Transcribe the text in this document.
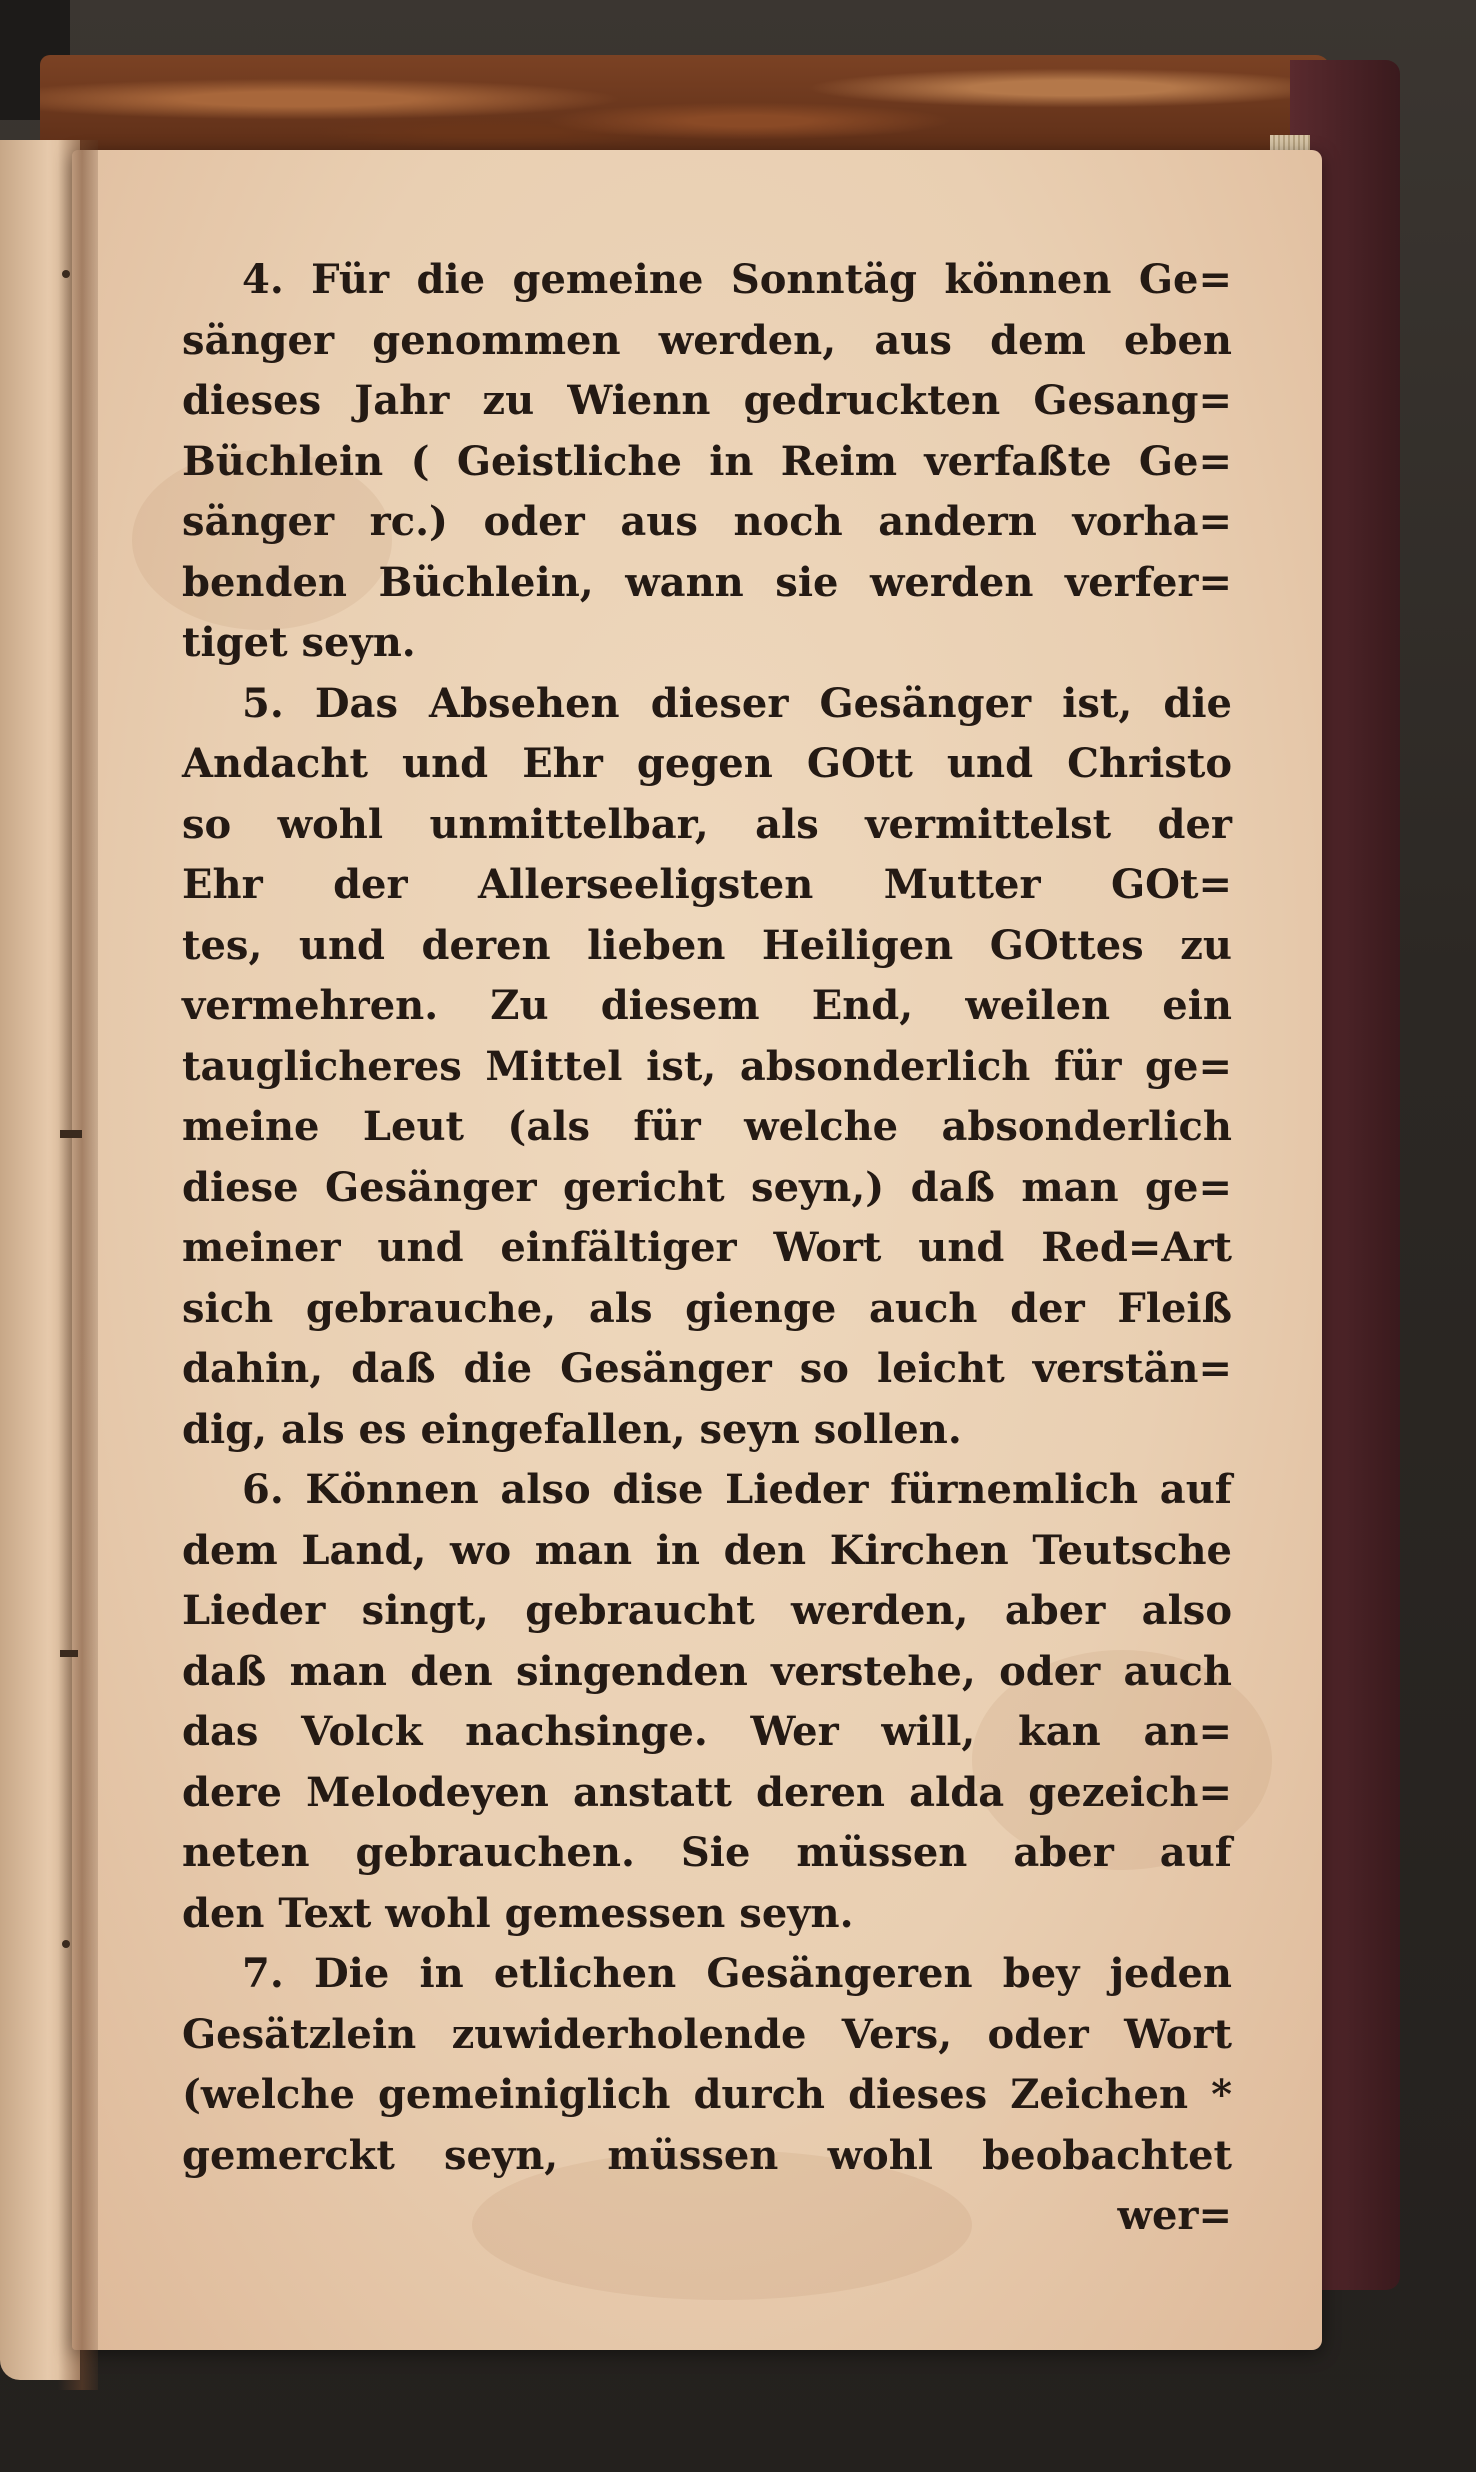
4. Für die gemeine Sonntäg können Ge=
sänger genommen werden, aus dem eben
dieses Jahr zu Wienn gedruckten Gesang=
Büchlein ( Geistliche in Reim verfaßte Ge=
sänger rc.) oder aus noch andern vorha=
benden Büchlein, wann sie werden verfer=
tiget seyn.
5. Das Absehen dieser Gesänger ist, die
Andacht und Ehr gegen GOtt und Christo
so wohl unmittelbar, als vermittelst der
Ehr der Allerseeligsten Mutter GOt=
tes, und deren lieben Heiligen GOttes zu
vermehren. Zu diesem End, weilen ein
tauglicheres Mittel ist, absonderlich für ge=
meine Leut (als für welche absonderlich
diese Gesänger gericht seyn,) daß man ge=
meiner und einfältiger Wort und Red=Art
sich gebrauche, als gienge auch der Fleiß
dahin, daß die Gesänger so leicht verstän=
dig, als es eingefallen, seyn sollen.
6. Können also dise Lieder fürnemlich auf
dem Land, wo man in den Kirchen Teutsche
Lieder singt, gebraucht werden, aber also
daß man den singenden verstehe, oder auch
das Volck nachsinge. Wer will, kan an=
dere Melodeyen anstatt deren alda gezeich=
neten gebrauchen. Sie müssen aber auf
den Text wohl gemessen seyn.
7. Die in etlichen Gesängeren bey jeden
Gesätzlein zuwiderholende Vers, oder Wort
(welche gemeiniglich durch dieses Zeichen *
gemerckt seyn, müssen wohl beobachtet
wer=
